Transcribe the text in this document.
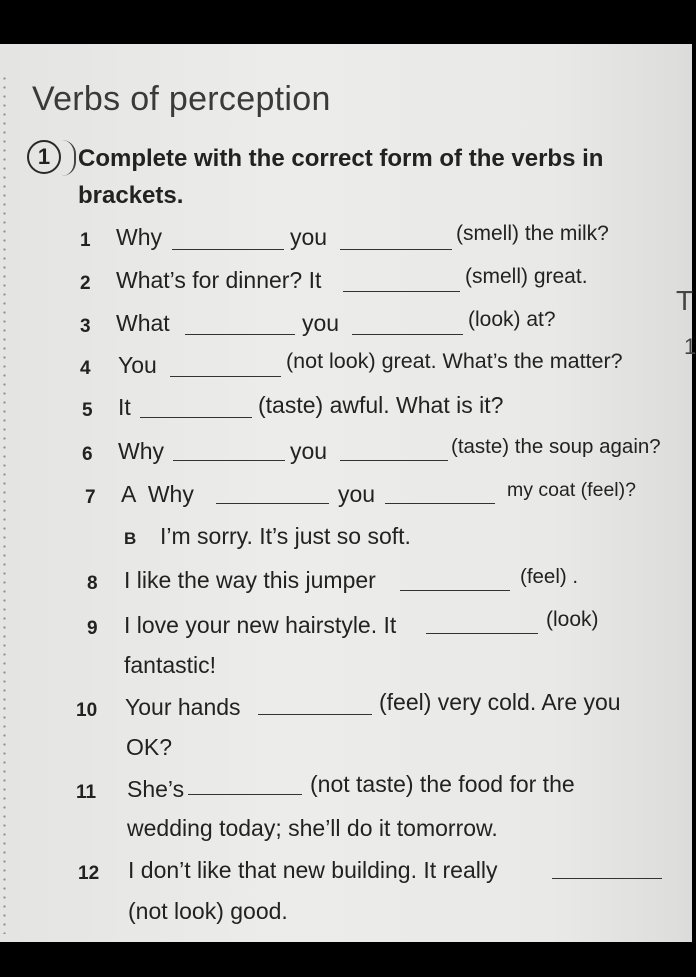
Verbs of perception
1	Complete with the correct form of the verbs in brackets.
1 Why	you	(smell) the milk?
2 What’s for dinner? It	(smell) great.
3 What	you	(look) at?
4 You	(not look) great. What’s the matter?
5 It	(taste) awful. What is it?
6 Why	you	(taste) the soup again?
7 A  Why	you	my coat (feel)?
B I’m sorry. It’s just so soft.
8 I like the way this jumper	(feel) .
9 I love your new hairstyle. It	(look)
fantastic!
10 Your hands	(feel) very cold. Are you
OK?
11 She’s	(not taste) the food for the
wedding today; she’ll do it tomorrow.
12 I don’t like that new building. It really
(not look) good.
T
1
